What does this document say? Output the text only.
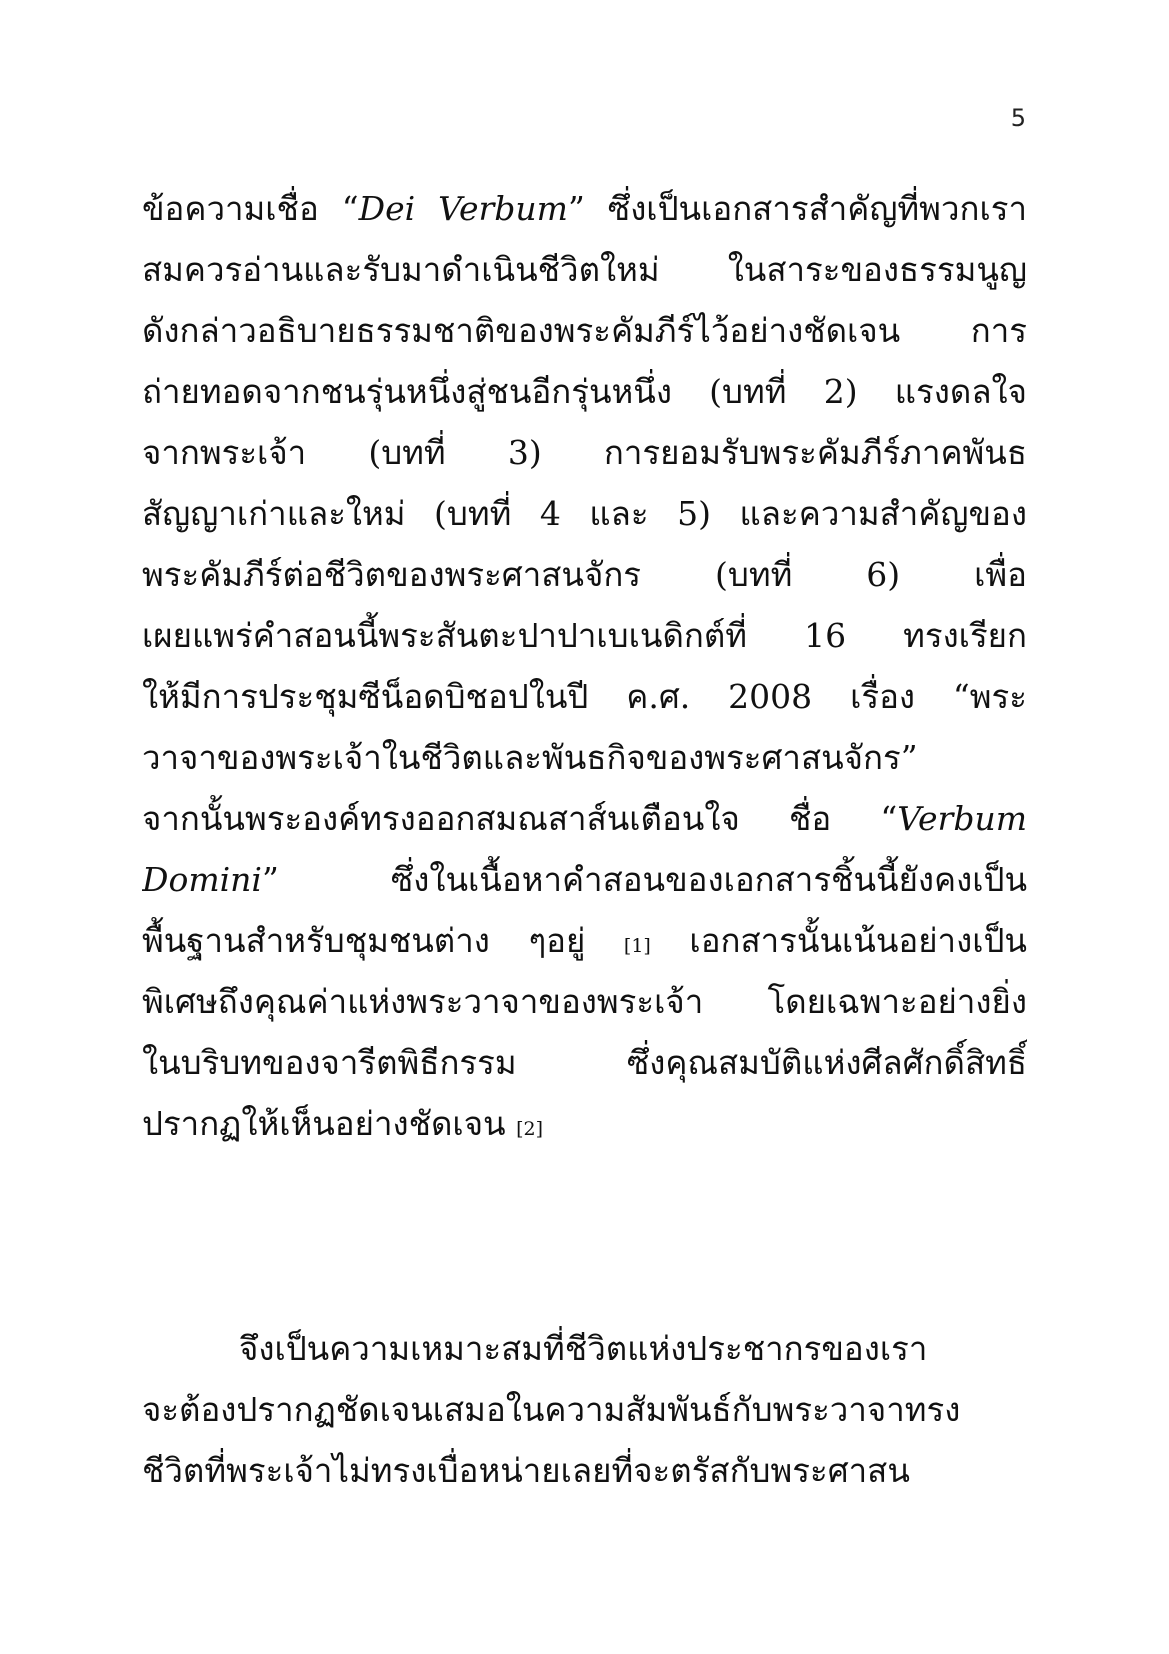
5
ข้อความเชื่อ “Dei Verbum” ซึ่งเป็นเอกสารสำคัญที่พวกเรา
สมควรอ่านและรับมาดำเนินชีวิตใหม่ ในสาระของธรรมนูญ
ดังกล่าวอธิบายธรรมชาติของพระคัมภีร์ไว้อย่างชัดเจน การ
ถ่ายทอดจากชนรุ่นหนึ่งสู่ชนอีกรุ่นหนึ่ง (บทที่ 2) แรงดลใจ
จากพระเจ้า (บทที่ 3) การยอมรับพระคัมภีร์ภาคพันธ
สัญญาเก่าและใหม่ (บทที่ 4 และ 5) และความสำคัญของ
พระคัมภีร์ต่อชีวิตของพระศาสนจักร (บทที่ 6) เพื่อ
เผยแพร่คำสอนนี้พระสันตะปาปาเบเนดิกต์ที่ 16 ทรงเรียก
ให้มีการประชุมซีน็อดบิชอปในปี ค.ศ. 2008 เรื่อง “พระ
วาจาของพระเจ้าในชีวิตและพันธกิจของพระศาสนจักร”
จากนั้นพระองค์ทรงออกสมณสาส์นเตือนใจ ชื่อ “Verbum
Domini” ซึ่งในเนื้อหาคำสอนของเอกสารชิ้นนี้ยังคงเป็น
พื้นฐานสำหรับชุมชนต่าง ๆอยู่ [1] เอกสารนั้นเน้นอย่างเป็น
พิเศษถึงคุณค่าแห่งพระวาจาของพระเจ้า โดยเฉพาะอย่างยิ่ง
ในบริบทของจารีตพิธีกรรม ซึ่งคุณสมบัติแห่งศีลศักดิ์สิทธิ์
ปรากฏให้เห็นอย่างชัดเจน [2]
จึงเป็นความเหมาะสมที่ชีวิตแห่งประชากรของเรา
จะต้องปรากฏชัดเจนเสมอในความสัมพันธ์กับพระวาจาทรง
ชีวิตที่พระเจ้าไม่ทรงเบื่อหน่ายเลยที่จะตรัสกับพระศาสน
